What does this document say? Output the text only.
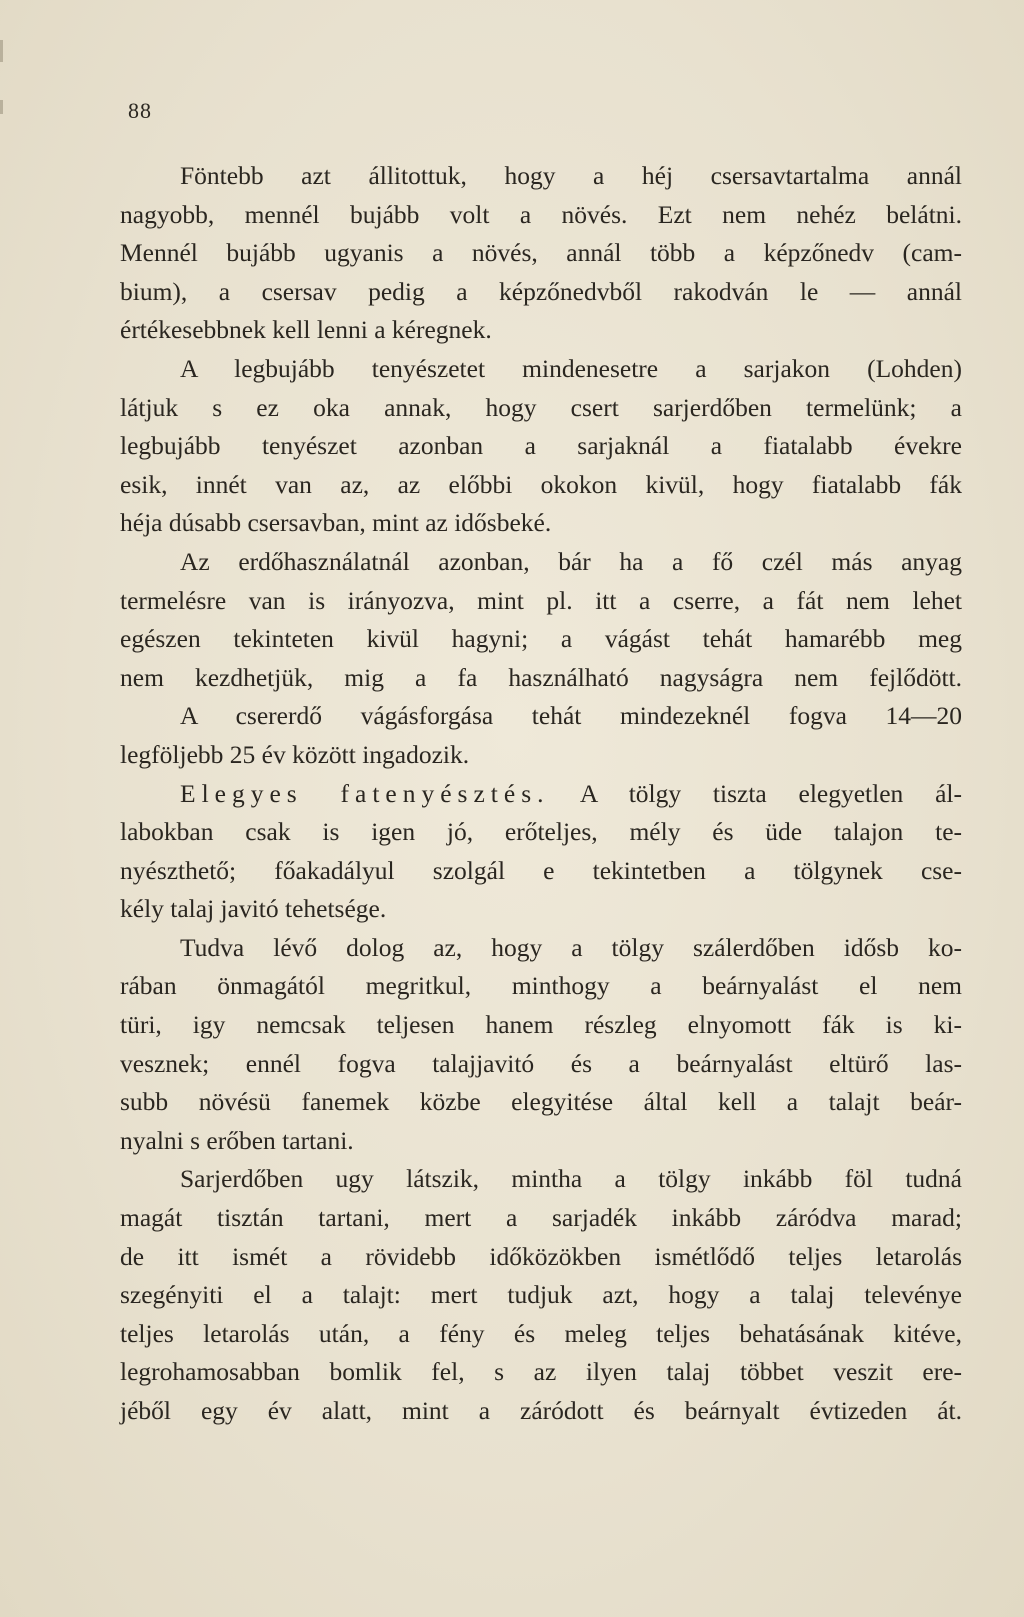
88
Föntebb azt állitottuk, hogy a héj csersavtartalma annál
nagyobb, mennél bujább volt a növés. Ezt nem nehéz belátni.
Mennél bujább ugyanis a növés, annál több a képzőnedv (cam-
bium), a csersav pedig a képzőnedvből rakodván le — annál
értékesebbnek kell lenni a kéregnek.
A legbujább tenyészetet mindenesetre a sarjakon (Lohden)
látjuk s ez oka annak, hogy csert sarjerdőben termelünk; a
legbujább tenyészet azonban a sarjaknál a fiatalabb évekre
esik, innét van az, az előbbi okokon kivül, hogy fiatalabb fák
héja dúsabb csersavban, mint az idősbeké.
Az erdőhasználatnál azonban, bár ha a fő czél más anyag
termelésre van is irányozva, mint pl. itt a cserre, a fát nem lehet
egészen tekinteten kivül hagyni; a vágást tehát hamarébb meg
nem kezdhetjük, mig a fa használható nagyságra nem fejlődött.
A csererdő vágásforgása tehát mindezeknél fogva 14—20
legföljebb 25 év között ingadozik.
Elegyes fatenyésztés. A tölgy tiszta elegyetlen ál-
labokban csak is igen jó, erőteljes, mély és üde talajon te-
nyészthető; főakadályul szolgál e tekintetben a tölgynek cse-
kély talaj javitó tehetsége.
Tudva lévő dolog az, hogy a tölgy szálerdőben idősb ko-
rában önmagától megritkul, minthogy a beárnyalást el nem
türi, igy nemcsak teljesen hanem részleg elnyomott fák is ki-
vesznek; ennél fogva talajjavitó és a beárnyalást eltürő las-
subb növésü fanemek közbe elegyitése által kell a talajt beár-
nyalni s erőben tartani.
Sarjerdőben ugy látszik, mintha a tölgy inkább föl tudná
magát tisztán tartani, mert a sarjadék inkább záródva marad;
de itt ismét a rövidebb időközökben ismétlődő teljes letarolás
szegényiti el a talajt: mert tudjuk azt, hogy a talaj televénye
teljes letarolás után, a fény és meleg teljes behatásának kitéve,
legrohamosabban bomlik fel, s az ilyen talaj többet veszit ere-
jéből egy év alatt, mint a záródott és beárnyalt évtizeden át.
